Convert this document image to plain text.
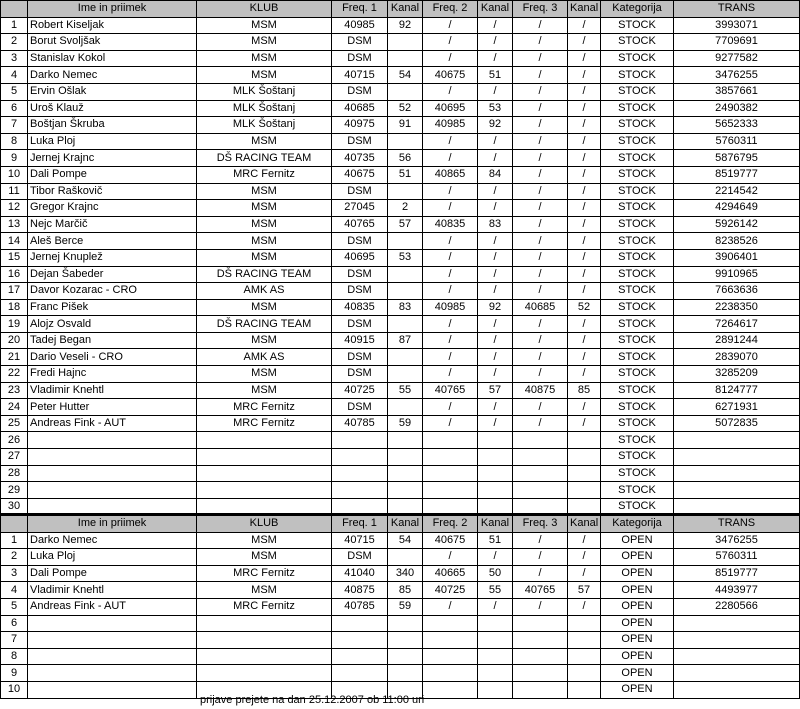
	Ime in priimek	KLUB	Freq. 1	Kanal	Freq. 2	Kanal	Freq. 3	Kanal	Kategorija	TRANS
1	Robert Kiseljak	MSM	40985	92	/	/	/	/	STOCK	3993071
2	Borut Svoljšak	MSM	DSM		/	/	/	/	STOCK	7709691
3	Stanislav Kokol	MSM	DSM		/	/	/	/	STOCK	9277582
4	Darko Nemec	MSM	40715	54	40675	51	/	/	STOCK	3476255
5	Ervin Ošlak	MLK Šoštanj	DSM		/	/	/	/	STOCK	3857661
6	Uroš Klauž	MLK Šoštanj	40685	52	40695	53	/	/	STOCK	2490382
7	Boštjan Škruba	MLK Šoštanj	40975	91	40985	92	/	/	STOCK	5652333
8	Luka Ploj	MSM	DSM		/	/	/	/	STOCK	5760311
9	Jernej Krajnc	DŠ RACING TEAM	40735	56	/	/	/	/	STOCK	5876795
10	Dali Pompe	MRC Fernitz	40675	51	40865	84	/	/	STOCK	8519777
11	Tibor Raškovič	MSM	DSM		/	/	/	/	STOCK	2214542
12	Gregor Krajnc	MSM	27045	2	/	/	/	/	STOCK	4294649
13	Nejc Marčič	MSM	40765	57	40835	83	/	/	STOCK	5926142
14	Aleš Berce	MSM	DSM		/	/	/	/	STOCK	8238526
15	Jernej Knuplež	MSM	40695	53	/	/	/	/	STOCK	3906401
16	Dejan Šabeder	DŠ RACING TEAM	DSM		/	/	/	/	STOCK	9910965
17	Davor Kozarac - CRO	AMK AS	DSM		/	/	/	/	STOCK	7663636
18	Franc Pišek	MSM	40835	83	40985	92	40685	52	STOCK	2238350
19	Alojz Osvald	DŠ RACING TEAM	DSM		/	/	/	/	STOCK	7264617
20	Tadej Began	MSM	40915	87	/	/	/	/	STOCK	2891244
21	Dario Veseli - CRO	AMK AS	DSM		/	/	/	/	STOCK	2839070
22	Fredi Hajnc	MSM	DSM		/	/	/	/	STOCK	3285209
23	Vladimir Knehtl	MSM	40725	55	40765	57	40875	85	STOCK	8124777
24	Peter Hutter	MRC Fernitz	DSM		/	/	/	/	STOCK	6271931
25	Andreas Fink - AUT	MRC Fernitz	40785	59	/	/	/	/	STOCK	5072835
26									STOCK	
27									STOCK	
28									STOCK	
29									STOCK	
30									STOCK	
	Ime in priimek	KLUB	Freq. 1	Kanal	Freq. 2	Kanal	Freq. 3	Kanal	Kategorija	TRANS
1	Darko Nemec	MSM	40715	54	40675	51	/	/	OPEN	3476255
2	Luka Ploj	MSM	DSM		/	/	/	/	OPEN	5760311
3	Dali Pompe	MRC Fernitz	41040	340	40665	50	/	/	OPEN	8519777
4	Vladimir Knehtl	MSM	40875	85	40725	55	40765	57	OPEN	4493977
5	Andreas Fink - AUT	MRC Fernitz	40785	59	/	/	/	/	OPEN	2280566
6									OPEN	
7									OPEN	
8									OPEN	
9									OPEN	
10									OPEN	
prijave prejete na dan 25.12.2007 ob 11:00 uri
